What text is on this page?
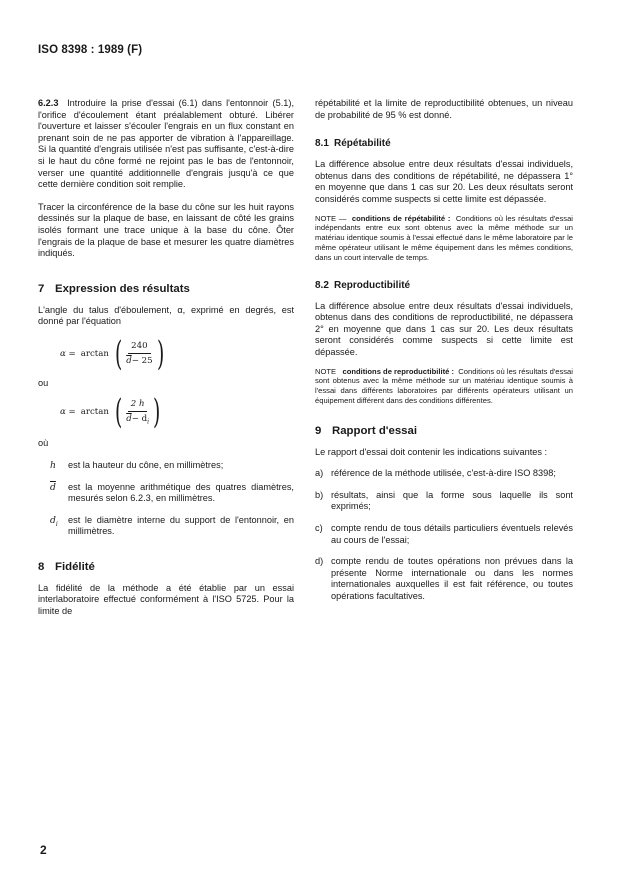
ISO 8398 : 1989 (F)

6.2.3 Introduire la prise d'essai (6.1) dans l'entonnoir (5.1), l'orifice d'écoulement étant préalablement obturé. Libérer l'ouverture et laisser s'écouler l'engrais en un flux constant en prenant soin de ne pas apporter de vibration à l'appareillage. Si la quantité d'engrais utilisée n'est pas suffisante, c'est-à-dire si le haut du cône formé ne rejoint pas le bas de l'entonnoir, verser une quantité additionnelle d'engrais jusqu'à ce que cette dernière condition soit remplie.

Tracer la circonférence de la base du cône sur les huit rayons dessinés sur la plaque de base, en laissant de côté les grains isolés formant une trace unique à la base du cône. Ôter l'engrais de la plaque de base et mesurer les quatre diamètres indiqués.

7 Expression des résultats

L'angle du talus d'éboulement, α, exprimé en degrés, est donné par l'équation

α = arctan ( $\frac{240}{\overline{d}- 25}$ )
ou
α = arctan ( $\frac{2 h}{\overline{d}- d_i}$ )
où
h	est la hauteur du cône, en millimètres;
$\overline{d}$	est la moyenne arithmétique des quatres diamètres, mesurés selon 6.2.3, en millimètres.
$d_i$	est le diamètre interne du support de l'entonnoir, en millimètres.
8 Fidélité

La fidélité de la méthode a été établie par un essai interlaboratoire effectué conformément à l'ISO 5725. Pour la limite de

répétabilité et la limite de reproductibilité obtenues, un niveau de probabilité de 95 % est donné.

8.1 Répétabilité

La différence absolue entre deux résultats d'essai individuels, obtenus dans des conditions de répétabilité, ne dépassera 1° en moyenne que dans 1 cas sur 20. Les deux résultats seront considérés comme suspects si cette limite est dépassée.

NOTE — conditions de répétabilité : Conditions où les résultats d'essai indépendants entre eux sont obtenus avec la même méthode sur un matériau identique soumis à l'essai effectué dans le même laboratoire par le même opérateur utilisant le même équipement dans les mêmes conditions, dans un court intervalle de temps.

8.2 Reproductibilité

La différence absolue entre deux résultats d'essai individuels, obtenus dans des conditions de reproductibilité, ne dépassera 2° en moyenne que dans 1 cas sur 20. Les deux résultats seront considérés comme suspects si cette limite est dépassée.

NOTE conditions de reproductibilité : Conditions où les résultats d'essai sont obtenus avec la même méthode sur un matériau identique soumis à l'essai dans différents laboratoires par différents opérateurs utilisant un équipement différent dans des conditions différentes.

9 Rapport d'essai

Le rapport d'essai doit contenir les indications suivantes :

a) référence de la méthode utilisée, c'est-à-dire ISO 8398;
b) résultats, ainsi que la forme sous laquelle ils sont exprimés;
c) compte rendu de tous détails particuliers éventuels relevés au cours de l'essai;
d) compte rendu de toutes opérations non prévues dans la présente Norme internationale ou dans les normes internationales auxquelles il est fait référence, ou toutes opérations facultatives.
2
